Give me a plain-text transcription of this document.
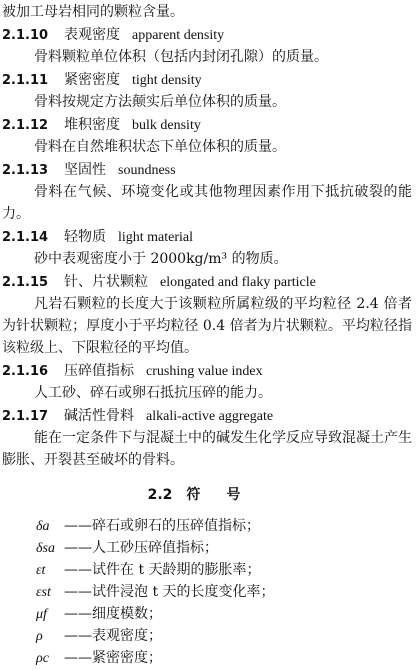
被加工母岩相同的颗粒含量。
2.1.10 表观密度 apparent density
骨料颗粒单位体积（包括内封闭孔隙）的质量。
2.1.11 紧密密度 tight density
骨料按规定方法颠实后单位体积的质量。
2.1.12 堆积密度 bulk density
骨料在自然堆积状态下单位体积的质量。
2.1.13 坚固性 soundness
骨料在气候、环境变化或其他物理因素作用下抵抗破裂的能力。
2.1.14 轻物质 light material
砂中表观密度小于 2000kg/m³ 的物质。
2.1.15 针、片状颗粒 elongated and flaky particle
凡岩石颗粒的长度大于该颗粒所属粒级的平均粒径 2.4 倍者为针状颗粒；厚度小于平均粒径 0.4 倍者为片状颗粒。平均粒径指该粒级上、下限粒径的平均值。
2.1.16 压碎值指标 crushing value index
人工砂、碎石或卵石抵抗压碎的能力。
2.1.17 碱活性骨料 alkali-active aggregate
能在一定条件下与混凝土中的碱发生化学反应导致混凝土产生膨胀、开裂甚至破坏的骨料。
2.2 符号
δa ——碎石或卵石的压碎值指标；
δsa ——人工砂压碎值指标；
εt ——试件在 t 天龄期的膨胀率；
εst ——试件浸泡 t 天的长度变化率；
μf ——细度模数；
ρ ——表观密度；
ρc ——紧密密度；
